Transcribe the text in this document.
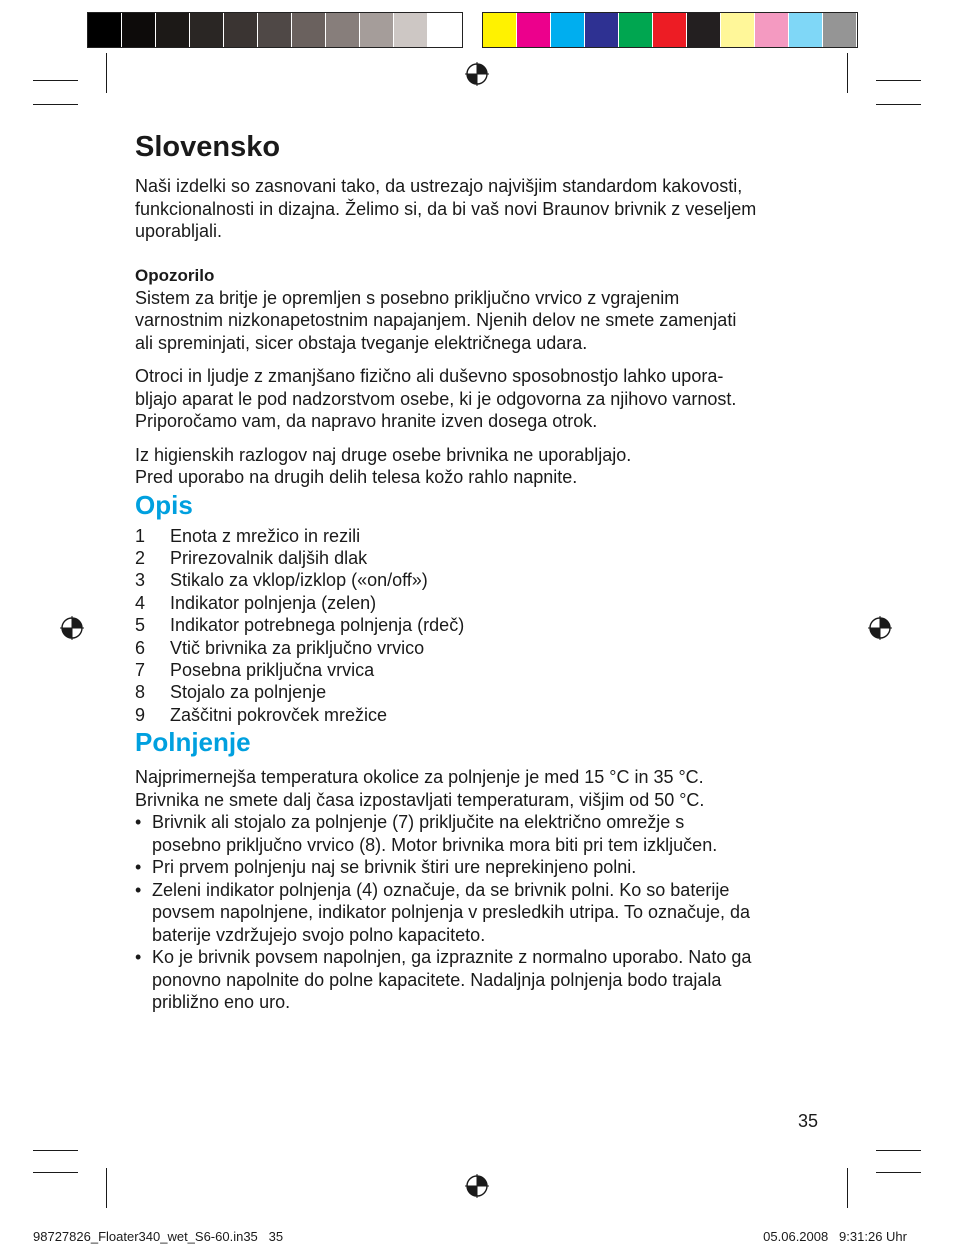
Slovensko

Naši izdelki so zasnovani tako, da ustrezajo najvišjim standardom kakovosti,
funkcionalnosti in dizajna. Želimo si, da bi vaš novi Braunov brivnik z veseljem
uporabljali.

Opozorilo

Sistem za britje je opremljen s posebno priključno vrvico z vgrajenim
varnostnim nizkonapetostnim napajanjem. Njenih delov ne smete zamenjati
ali spreminjati, sicer obstaja tveganje električnega udara.

Otroci in ljudje z zmanjšano fizično ali duševno sposobnostjo lahko upora-
bljajo aparat le pod nadzorstvom osebe, ki je odgovorna za njihovo varnost.
Priporočamo vam, da napravo hranite izven dosega otrok.

Iz higienskih razlogov naj druge osebe brivnika ne uporabljajo.
Pred uporabo na drugih delih telesa kožo rahlo napnite.

Opis
1	Enota z mrežico in rezili
2	Prirezovalnik daljših dlak
3	Stikalo za vklop/izklop («on/off»)
4	Indikator polnjenja (zelen)
5	Indikator potrebnega polnjenja (rdeč)
6	Vtič brivnika za priključno vrvico
7	Posebna priključna vrvica
8	Stojalo za polnjenje
9	Zaščitni pokrovček mrežice
Polnjenje

Najprimernejša temperatura okolice za polnjenje je med 15 °C in 35 °C.
Brivnika ne smete dalj časa izpostavljati temperaturam, višjim od 50 °C.

• Brivnik ali stojalo za polnjenje (7) priključite na električno omrežje s
posebno priključno vrvico (8). Motor brivnika mora biti pri tem izključen.
• Pri prvem polnjenju naj se brivnik štiri ure neprekinjeno polni.
• Zeleni indikator polnjenja (4) označuje, da se brivnik polni. Ko so baterije
povsem napolnjene, indikator polnjenja v presledkih utripa. To označuje, da
baterije vzdržujejo svojo polno kapaciteto.
• Ko je brivnik povsem napolnjen, ga izpraznite z normalno uporabo. Nato ga
ponovno napolnite do polne kapacitete. Nadaljnja polnjenja bodo trajala
približno eno uro.
35
98727826_Floater340_wet_S6-60.in35   35	05.06.2008   9:31:26 Uhr
